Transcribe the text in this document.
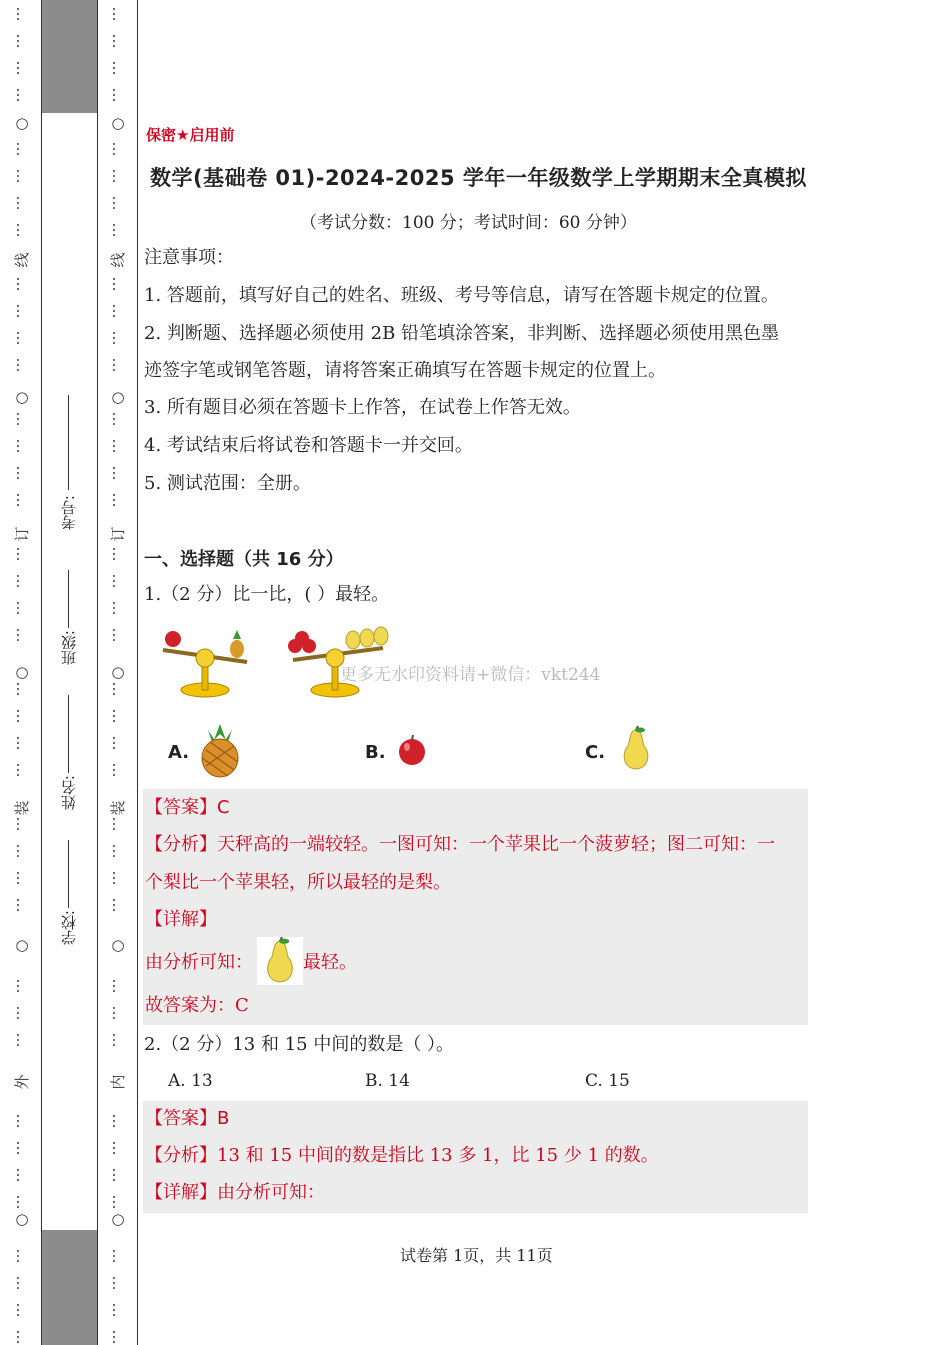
○
○
○
○
○
线
订
装
外
…
…
…
…
…
…
…
…
…
…
…
…
…
…
…
…
…
…
…
…
…
…
…
…
…
…
…
…
…
…
…
…
…
…
…
…
…
…
…
○
○
○
○
○
线
订
装
内
…
…
…
…
…
…
…
…
…
…
…
…
…
…
…
…
…
…
…
…
…
…
…
…
…
…
…
…
…
…
…
…
…
…
…
…
…
…
…
考号:
班级:
姓名:
学校:
保密★启用前
数学(基础卷 01)-2024-2025 学年一年级数学上学期期末全真模拟
（考试分数：100 分；考试时间：60 分钟）
注意事项：
1. 答题前，填写好自己的姓名、班级、考号等信息，请写在答题卡规定的位置。
2. 判断题、选择题必须使用 2B 铅笔填涂答案，非判断、选择题必须使用黑色墨
迹签字笔或钢笔答题，请将答案正确填写在答题卡规定的位置上。
3. 所有题目必须在答题卡上作答，在试卷上作答无效。
4. 考试结束后将试卷和答题卡一并交回。
5. 测试范围：全册。
一、选择题（共 16 分）
1.（2 分）比一比，( ）最轻。
更多无水印资料请+微信：vkt244
A.	B.	C.
【答案】C
【分析】天秤高的一端较轻。一图可知：一个苹果比一个菠萝轻；图二可知：一
个梨比一个苹果轻，所以最轻的是梨。
【详解】
由分析可知：	最轻。
故答案为：C
2.（2 分）13 和 15 中间的数是（ ）。
A. 13	B. 14	C. 15
【答案】B
【分析】13 和 15 中间的数是指比 13 多 1，比 15 少 1 的数。
【详解】由分析可知：
试卷第 1页，共 11页
